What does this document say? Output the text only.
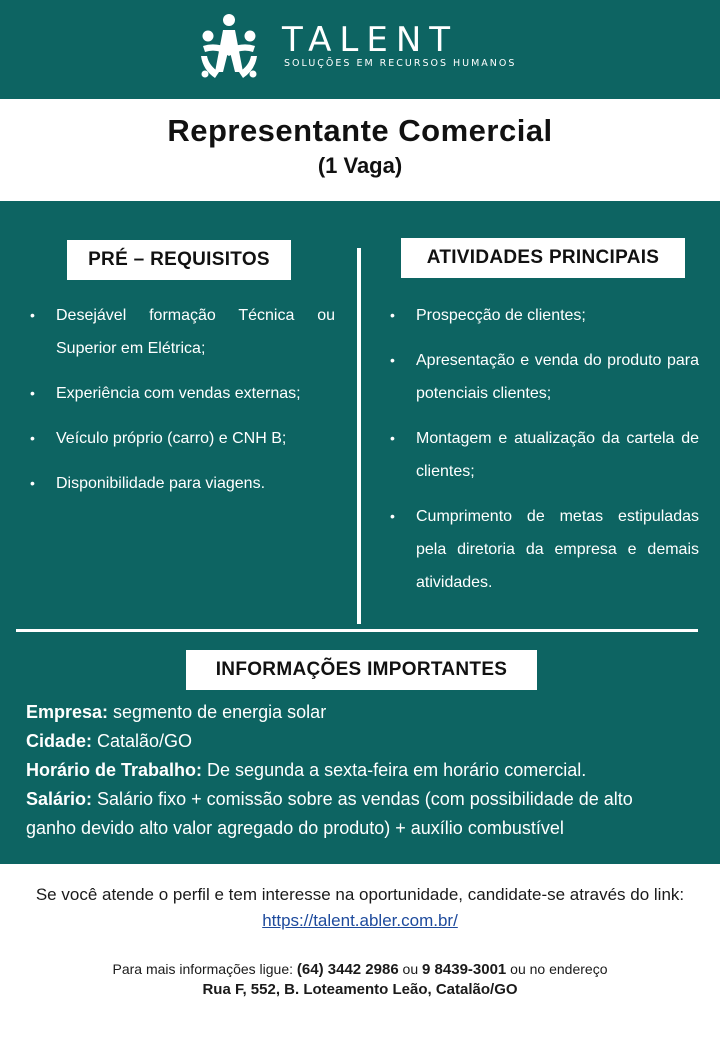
TALENT
SOLUÇÕES EM RECURSOS HUMANOS
Representante Comercial
(1 Vaga)
PRÉ – REQUISITOS	ATIVIDADES PRINCIPAIS
• Desejável formação Técnica ou Superior em Elétrica;
• Experiência com vendas externas;
• Veículo próprio (carro) e CNH B;
• Disponibilidade para viagens.
• Prospecção de clientes;
• Apresentação e venda do produto para potenciais clientes;
• Montagem e atualização da cartela de clientes;
• Cumprimento de metas estipuladas pela diretoria da empresa e demais atividades.
INFORMAÇÕES IMPORTANTES
Empresa: segmento de energia solar
Cidade: Catalão/GO
Horário de Trabalho: De segunda a sexta-feira em horário comercial.
Salário: Salário fixo + comissão sobre as vendas (com possibilidade de alto ganho devido alto valor agregado do produto) + auxílio combustível

Se você atende o perfil e tem interesse na oportunidade, candidate-se através do link: https://talent.abler.com.br/

Para mais informações ligue: (64) 3442 2986 ou 9 8439-3001 ou no endereço

Rua F, 552, B. Loteamento Leão, Catalão/GO
